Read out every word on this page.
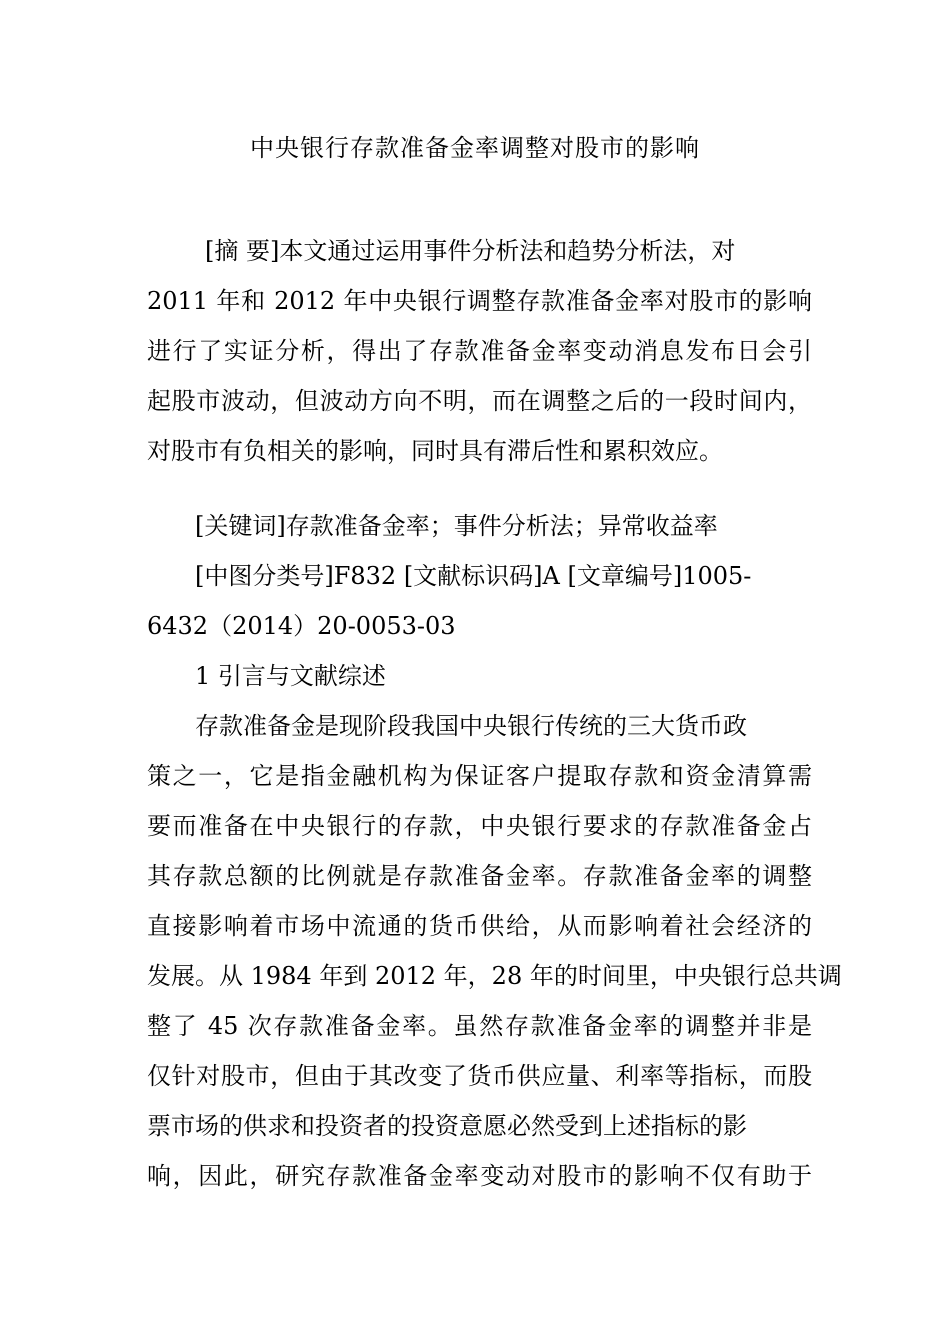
中央银行存款准备金率调整对股市的影响
[摘 要]本文通过运用事件分析法和趋势分析法，对
2011 年和 2012 年中央银行调整存款准备金率对股市的影响
进行了实证分析，得出了存款准备金率变动消息发布日会引
起股市波动，但波动方向不明，而在调整之后的一段时间内，
对股市有负相关的影响，同时具有滞后性和累积效应。
[关键词]存款准备金率；事件分析法；异常收益率
[中图分类号]F832 [文献标识码]A [文章编号]1005-
6432（2014）20-0053-03
1 引言与文献综述
存款准备金是现阶段我国中央银行传统的三大货币政
策之一，它是指金融机构为保证客户提取存款和资金清算需
要而准备在中央银行的存款，中央银行要求的存款准备金占
其存款总额的比例就是存款准备金率。存款准备金率的调整
直接影响着市场中流通的货币供给，从而影响着社会经济的
发展。从 1984 年到 2012 年，28 年的时间里，中央银行总共调
整了 45 次存款准备金率。虽然存款准备金率的调整并非是
仅针对股市，但由于其改变了货币供应量、利率等指标，而股
票市场的供求和投资者的投资意愿必然受到上述指标的影
响，因此，研究存款准备金率变动对股市的影响不仅有助于
